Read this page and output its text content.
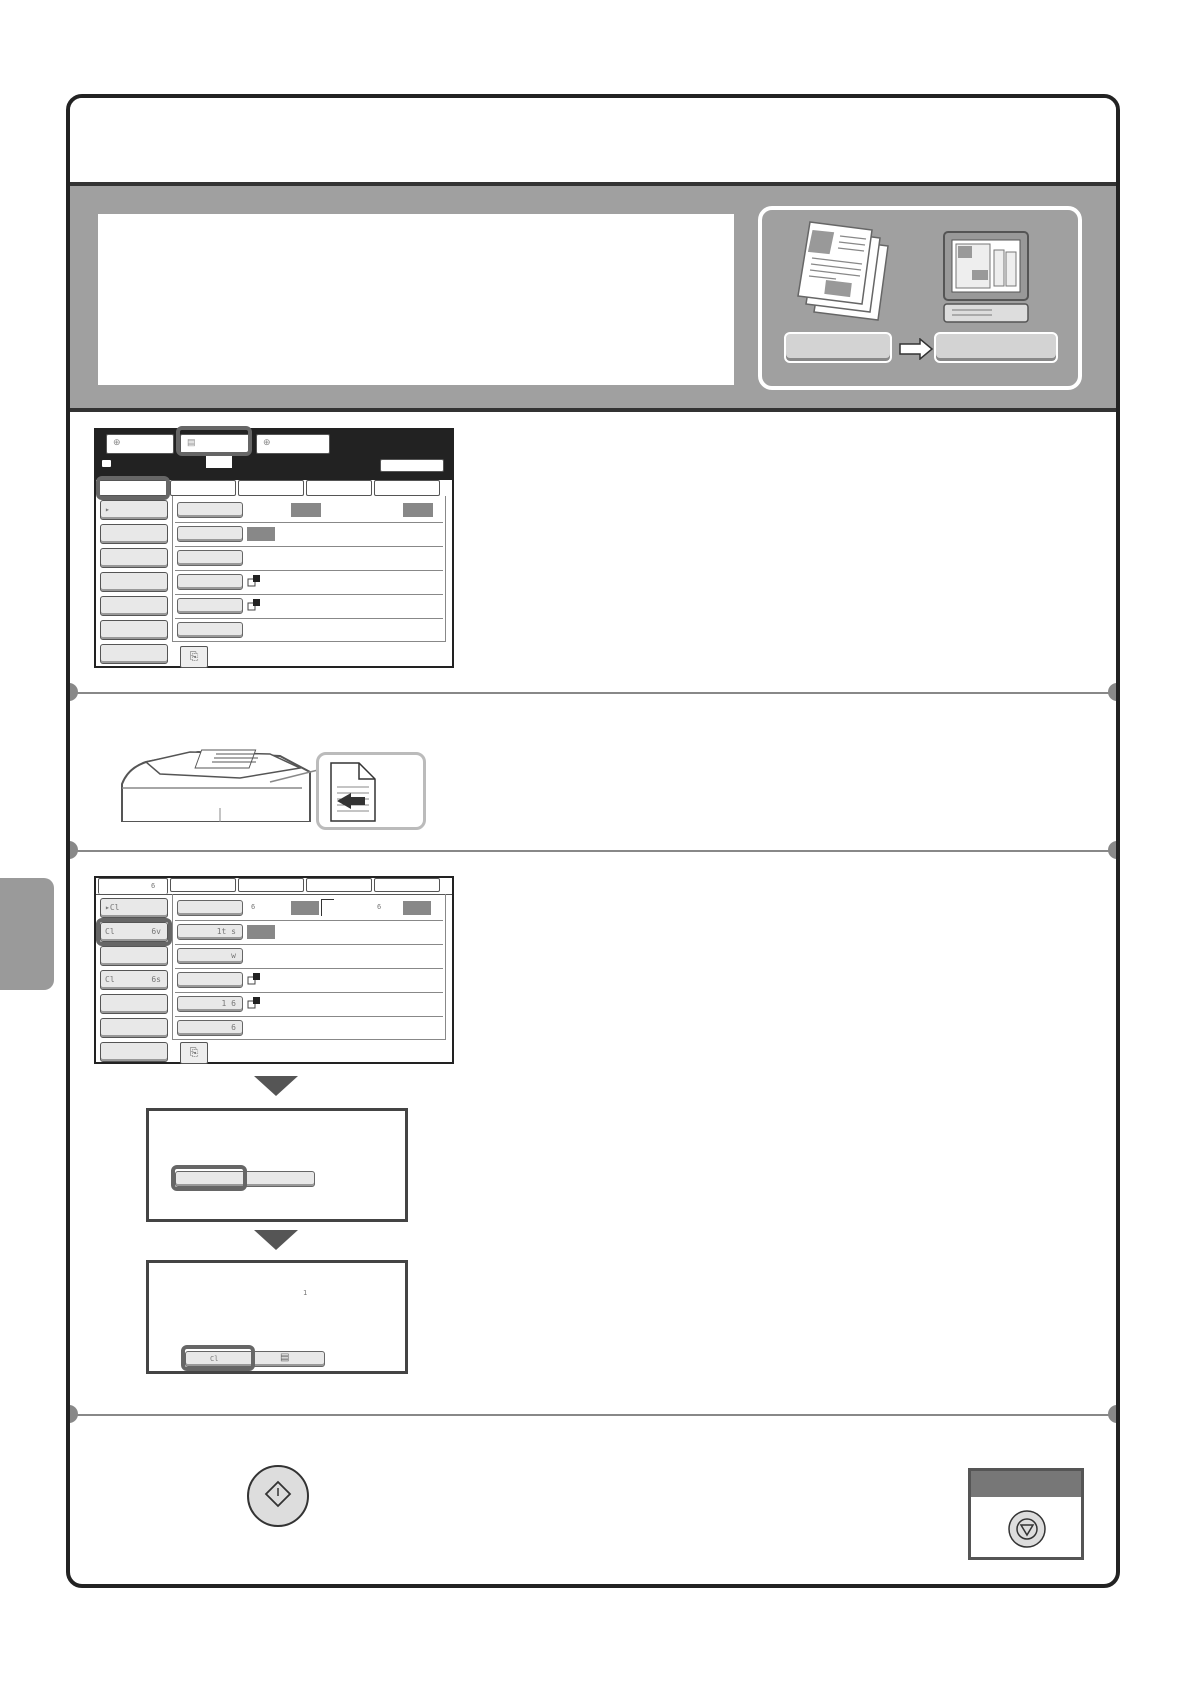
⊕	▤	⊕
▸
⎘
6
▸Cl
Cl	6v
Cl	6s
6	6
1t s
w
1 6
6
⎘
1
Cl	▤
